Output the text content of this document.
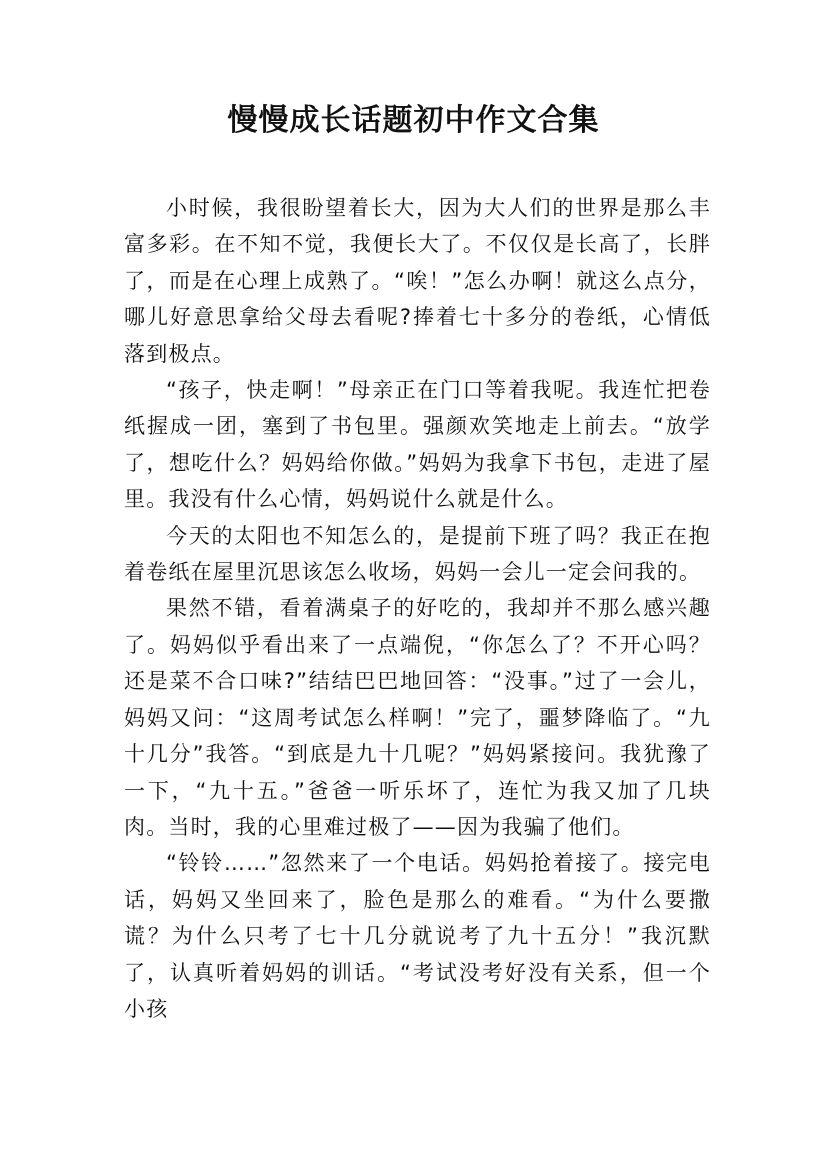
慢慢成长话题初中作文合集

小时候，我很盼望着长大，因为大人们的世界是那么丰富多彩。在不知不觉，我便长大了。不仅仅是长高了，长胖了，而是在心理上成熟了。“唉！”怎么办啊！就这么点分，哪儿好意思拿给父母去看呢?捧着七十多分的卷纸，心情低落到极点。

“孩子，快走啊！”母亲正在门口等着我呢。我连忙把卷纸握成一团，塞到了书包里。强颜欢笑地走上前去。“放学了，想吃什么？妈妈给你做。”妈妈为我拿下书包，走进了屋里。我没有什么心情，妈妈说什么就是什么。

今天的太阳也不知怎么的，是提前下班了吗？我正在抱着卷纸在屋里沉思该怎么收场，妈妈一会儿一定会问我的。

果然不错，看着满桌子的好吃的，我却并不那么感兴趣了。妈妈似乎看出来了一点端倪，“你怎么了？不开心吗？还是菜不合口味?”结结巴巴地回答：“没事。”过了一会儿，妈妈又问：“这周考试怎么样啊！”完了，噩梦降临了。“九十几分”我答。“到底是九十几呢？”妈妈紧接问。我犹豫了一下，“九十五。”爸爸一听乐坏了，连忙为我又加了几块肉。当时，我的心里难过极了——因为我骗了他们。

“铃铃……”忽然来了一个电话。妈妈抢着接了。接完电话，妈妈又坐回来了，脸色是那么的难看。“为什么要撒谎？为什么只考了七十几分就说考了九十五分！”我沉默了，认真听着妈妈的训话。“考试没考好没有关系，但一个小孩
